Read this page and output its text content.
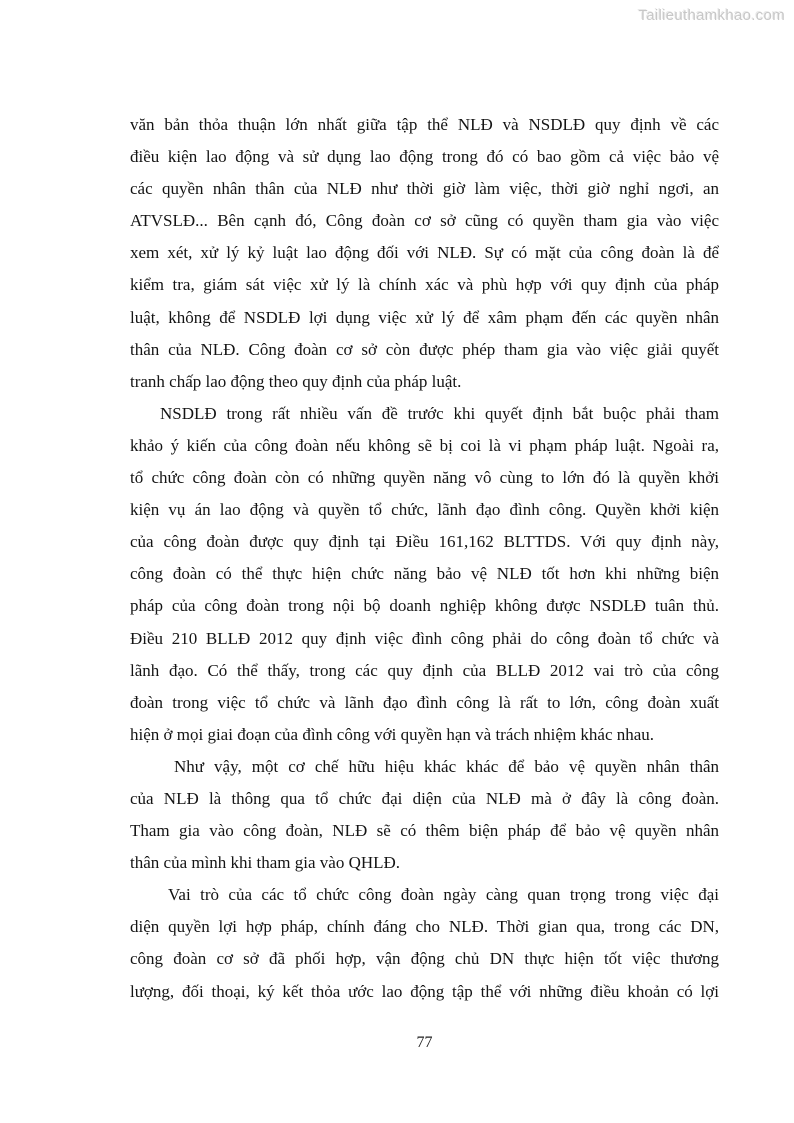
Tailieuthamkhao.com
văn bản thỏa thuận lớn nhất giữa tập thể NLĐ và NSDLĐ quy định về các
điều kiện lao động và sử dụng lao động trong đó có bao gồm cả việc bảo vệ
các quyền nhân thân của NLĐ như thời giờ làm việc, thời giờ nghỉ ngơi, an
ATVSLĐ... Bên cạnh đó, Công đoàn cơ sở cũng có quyền tham gia vào việc
xem xét, xử lý kỷ luật lao động đối với NLĐ. Sự có mặt của công đoàn là để
kiểm tra, giám sát việc xử lý là chính xác và phù hợp với quy định của pháp
luật, không để NSDLĐ lợi dụng việc xử lý để xâm phạm đến các quyền nhân
thân của NLĐ. Công đoàn cơ sở còn được phép tham gia vào việc giải quyết
tranh chấp lao động theo quy định của pháp luật.
NSDLĐ trong rất nhiều vấn đề trước khi quyết định bắt buộc phải tham
khảo ý kiến của công đoàn nếu không sẽ bị coi là vi phạm pháp luật. Ngoài ra,
tổ chức công đoàn còn có những quyền năng vô cùng to lớn đó là quyền khởi
kiện vụ án lao động và quyền tổ chức, lãnh đạo đình công. Quyền khởi kiện
của công đoàn được quy định tại Điều 161,162 BLTTDS. Với quy định này,
công đoàn có thể thực hiện chức năng bảo vệ NLĐ tốt hơn khi những biện
pháp của công đoàn trong nội bộ doanh nghiệp không được NSDLĐ tuân thủ.
Điều 210 BLLĐ 2012 quy định việc đình công phải do công đoàn tổ chức và
lãnh đạo. Có thể thấy, trong các quy định của BLLĐ 2012 vai trò của công
đoàn trong việc tổ chức và lãnh đạo đình công là rất to lớn, công đoàn xuất
hiện ở mọi giai đoạn của đình công với quyền hạn và trách nhiệm khác nhau.
Như vậy, một cơ chế hữu hiệu khác khác để bảo vệ quyền nhân thân
của NLĐ là thông qua tổ chức đại diện của NLĐ mà ở đây là công đoàn.
Tham gia vào công đoàn, NLĐ sẽ có thêm biện pháp để bảo vệ quyền nhân
thân của mình khi tham gia vào QHLĐ.
Vai trò của các tổ chức công đoàn ngày càng quan trọng trong việc đại
diện quyền lợi hợp pháp, chính đáng cho NLĐ. Thời gian qua, trong các DN,
công đoàn cơ sở đã phối hợp, vận động chủ DN thực hiện tốt việc thương
lượng, đối thoại, ký kết thỏa ước lao động tập thể với những điều khoản có lợi
77
